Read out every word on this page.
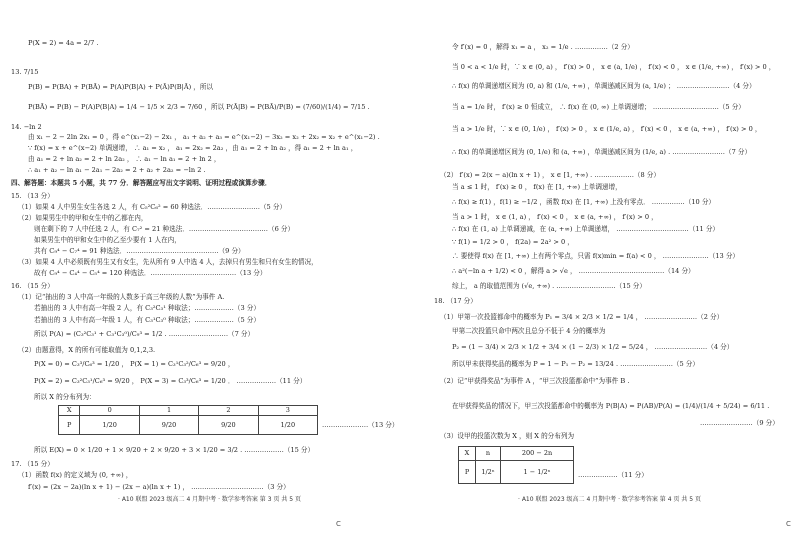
P(X = 2) = 4a = 2/7 .
13. 7/15
P(B) = P(BA) + P(BĀ) = P(A)P(B|A) + P(Ā)P(B|Ā) ，所以
P(BĀ) = P(B) − P(A)P(B|A) = 1/4 − 1/5 × 2/3 = 7/60 ，所以 P(Ā|B) = P(BĀ)/P(B) = (7/60)/(1/4) = 7/15 .
14. −ln 2
由 x₁ − 2 − 2ln 2x₁ = 0 ，得 e^(x₁−2) − 2x₁ ， a₁ + a₂ + a₃ = e^(x₁−2) − 3x₂ = x₂ + 2x₂ = x₂ + e^(x₁−2) .
∵ f(x) = x + e^(x−2) 单调递增， ∴ a₁ = x₂ ， a₁ = 2x₂ = 2a₂ ，由 a₁ = 2 + ln a₂ ，得 a₁ = 2 + ln a₁ ，
由 a₁ = 2 + ln a₂ = 2 + ln 2a₂ ， ∴ a₁ − ln a₁ = 2 + ln 2 ，
∴ a₁ + a₂ − ln a₁ − 2a₁ − 2a₂ = 2 + a₂ + 2a₂ = −ln 2 .
四、解答题：本题共 5 小题，共 77 分．解答题应写出文字说明、证明过程或演算步骤．
15. （13 分）
（1）如果 4 人中男生女生各选 2 人，有 C₅²C₆² = 60 种选法．……………………（5 分）
（2）如果男生中的甲和女生中的乙都在内，
则在剩下的 7 人中任选 2 人，有 C₇² = 21 种选法．………………………………（6 分）
如果男生中的甲和女生中的乙至少要有 1 人在内，
共有 C₉⁴ − C₇⁴ = 91 种选法．……………………………………（9 分）
（3）如果 4 人中必须既有男生又有女生，先从所有 9 人中选 4 人，去掉只有男生和只有女生的情况，
故有 C₉⁴ − C₄⁴ − C₅⁴ = 120 种选法．…………………………………（13 分）
16. （15 分）
（1）记“抽出的 3 人中高一年级的人数多于高三年级的人数”为事件 A.
若抽出的 3 人中有高一年级 2 人，有 C₃²C₃¹ 种取法；………………（3 分）
若抽出的 3 人中有高一年级 1 人，有 C₃¹C₃⁰ 种取法；………………（5 分）
所以 P(A) = (C₃²C₃¹ + C₃¹C₃⁰)/C₉³ = 1/2 . ………………………（7 分）
（2）由题意得，X 的所有可能取值为 0,1,2,3.
P(X = 0) = C₃³/C₆³ = 1/20 ， P(X = 1) = C₃¹C₃²/C₆³ = 9/20 ，
P(X = 2) = C₃²C₃¹/C₆³ = 9/20 ， P(X = 3) = C₃³/C₆³ = 1/20 ． ………………（11 分）
所以 X 的分布列为：
X	0	1	2	3
P	1/20	9/20	9/20	1/20	…………………（13 分）
所以 E(X) = 0 × 1/20 + 1 × 9/20 + 2 × 9/20 + 3 × 1/20 = 3/2 . ………………（15 分）
17. （15 分）
（1）函数 f(x) 的定义域为 (0, +∞) ，
f′(x) = (2x − 2a)(ln x + 1) − (2x − a)(ln x + 1) ， ……………………………（3 分）
· A10 联盟 2023 级高二 4 月期中考 · 数学参考答案 第 3 页 共 5 页
C
令 f′(x) = 0 ，解得 x₁ = a ， x₂ = 1/e . ……………（2 分）
当 0 < a < 1/e 时，∵ x ∈ (0, a) ， f′(x) > 0 ， x ∈ (a, 1/e) ， f′(x) < 0 ， x ∈ (1/e, +∞) ， f′(x) > 0 ，
∴ f(x) 的单调递增区间为 (0, a) 和 (1/e, +∞) ，单调递减区间为 (a, 1/e) ； ……………………（4 分）
当 a = 1/e 时， f′(x) ≥ 0 恒成立， ∴ f(x) 在 (0, ∞) 上单调递增； …………………………（5 分）
当 a > 1/e 时，∵ x ∈ (0, 1/e) ， f′(x) > 0 ， x ∈ (1/e, a) ， f′(x) < 0 ， x ∈ (a, +∞) ， f′(x) > 0 ，
∴ f(x) 的单调递增区间为 (0, 1/e) 和 (a, +∞) ，单调递减区间为 (1/e, a) . ……………………（7 分）
（2） f′(x) = 2(x − a)(ln x + 1) ， x ∈ [1, +∞) . ………………（8 分）
当 a ≤ 1 时， f′(x) ≥ 0 ， f(x) 在 [1, +∞) 上单调递增，
∴ f(x) ≥ f(1) ，f(1) ≥ −1/2 ，函数 f(x) 在 [1, +∞) 上没有零点． ……………（10 分）
当 a > 1 时， x ∈ (1, a) ， f′(x) < 0 ， x ∈ (a, +∞) ， f′(x) > 0 ，
∴ f(x) 在 (1, a) 上单调递减，在 (a, +∞) 上单调递增， ……………………………（11 分）
∵ f(1) = 1/2 > 0 ， f(2a) = 2a² > 0 ，
∴ 要使得 f(x) 在 [1, +∞) 上有两个零点，只需 f(x)min = f(a) < 0 ， …………………（13 分）
∴ a²(−ln a + 1/2) < 0 ，解得 a > √e ， …………………………………（14 分）
综上， a 的取值范围为 (√e, +∞) . ………………………（15 分）
18. （17 分）
（1）甲第一次投篮都命中的概率为 P₁ = 3/4 × 2/3 × 1/2 = 1/4 ， ……………………（2 分）
甲第二次投篮只命中两次且总分不低于 4 分的概率为
P₂ = (1 − 3/4) × 2/3 × 1/2 + 3/4 × (1 − 2/3) × 1/2 = 5/24 ， ……………………（4 分）
所以甲未获得奖品的概率为 P = 1 − P₁ − P₂ = 13/24 . ……………………（5 分）
（2）记“甲获得奖品”为事件 A ，“甲三次投篮都命中”为事件 B .
在甲获得奖品的情况下，甲三次投篮都命中的概率为 P(B|A) = P(AB)/P(A) = (1/4)/(1/4 + 5/24) = 6/11 .
……………………（9 分）
（3）设甲的投篮次数为 X ，则 X 的分布列为
X	n	200 − 2n
P	1/2ⁿ	1 − 1/2ⁿ	………………（11 分）
· A10 联盟 2023 级高二 4 月期中考 · 数学参考答案 第 4 页 共 5 页
C
